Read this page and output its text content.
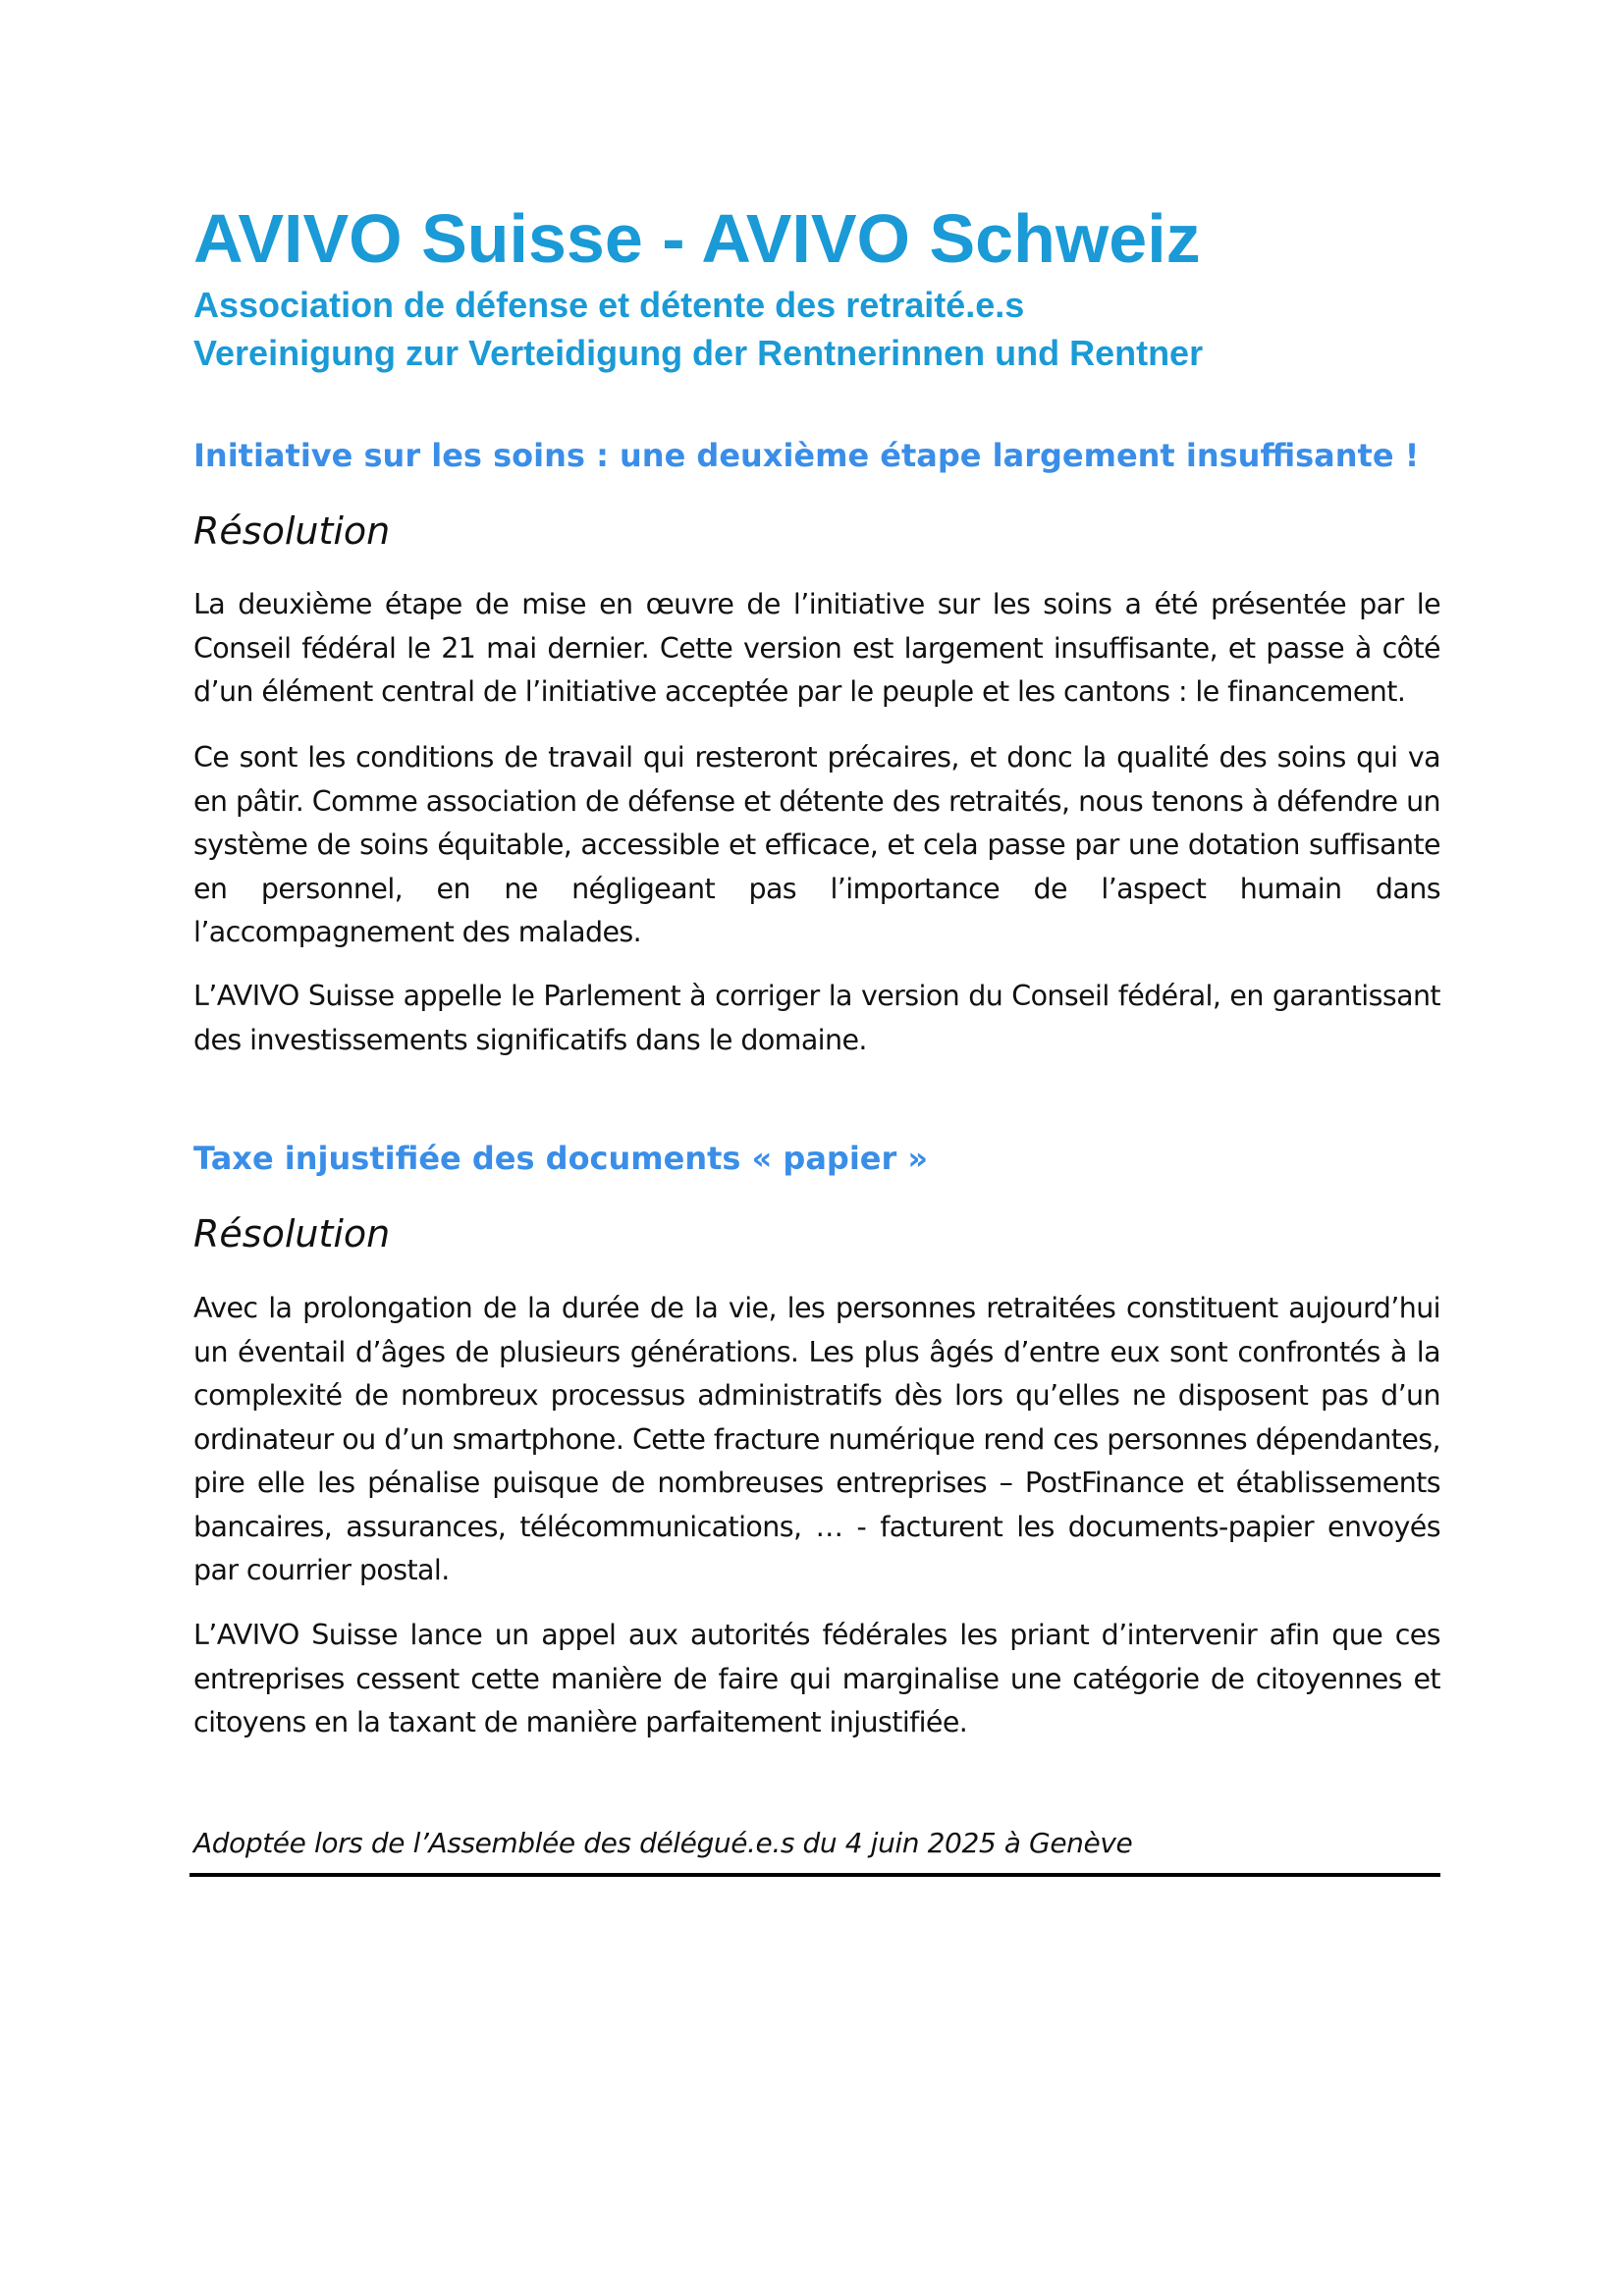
AVIVO Suisse - AVIVO Schweiz

Association de défense et détente des retraité.e.s

Vereinigung zur Verteidigung der Rentnerinnen und Rentner

Initiative sur les soins : une deuxième étape largement insuffisante !

Résolution

La deuxième étape de mise en œuvre de l’initiative sur les soins a été présentée par le Conseil fédéral le 21 mai dernier. Cette version est largement insuffisante, et passe à côté d’un élément central de l’initiative acceptée par le peuple et les cantons : le financement.

Ce sont les conditions de travail qui resteront précaires, et donc la qualité des soins qui va en pâtir. Comme association de défense et détente des retraités, nous tenons à défendre un système de soins équitable, accessible et efficace, et cela passe par une dotation suffisante en personnel, en ne négligeant pas l’importance de l’aspect humain dans l’accompagnement des malades.

L’AVIVO Suisse appelle le Parlement à corriger la version du Conseil fédéral, en garantissant des investissements significatifs dans le domaine.

Taxe injustifiée des documents « papier »

Résolution

Avec la prolongation de la durée de la vie, les personnes retraitées constituent aujourd’hui un éventail d’âges de plusieurs générations. Les plus âgés d’entre eux sont confrontés à la complexité de nombreux processus administratifs dès lors qu’elles ne disposent pas d’un ordinateur ou d’un smartphone. Cette fracture numérique rend ces personnes dépendantes, pire elle les pénalise puisque de nombreuses entreprises – PostFinance et établissements bancaires, assurances, télécommunications, … - facturent les documents-papier envoyés par courrier postal.

L’AVIVO Suisse lance un appel aux autorités fédérales les priant d’intervenir afin que ces entreprises cessent cette manière de faire qui marginalise une catégorie de citoyennes et citoyens en la taxant de manière parfaitement injustifiée.

Adoptée lors de l’Assemblée des délégué.e.s du 4 juin 2025 à Genève
